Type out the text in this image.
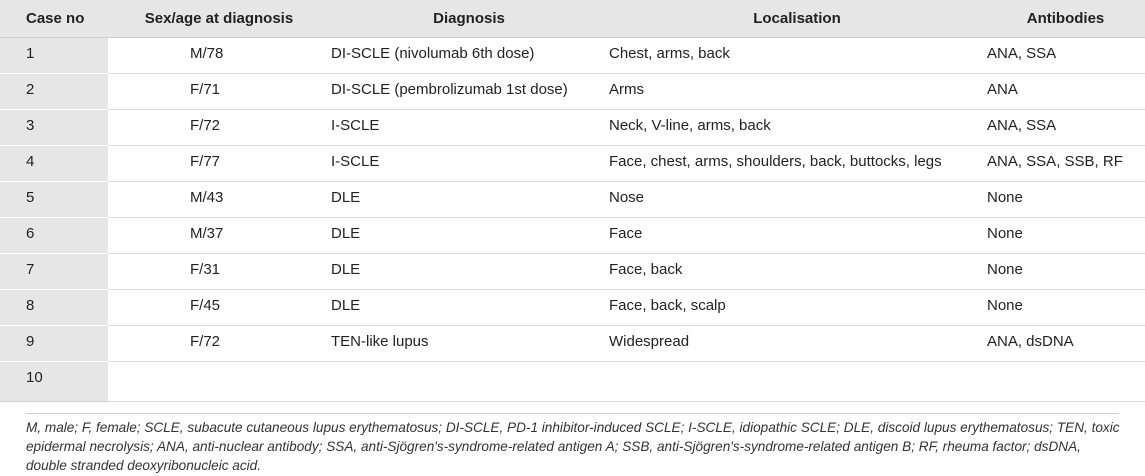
Case no	Sex/age at diagnosis	Diagnosis	Localisation	Antibodies
1	M/78	DI-SCLE (nivolumab 6th dose)	Chest, arms, back	ANA, SSA
2	F/71	DI-SCLE (pembrolizumab 1st dose)	Arms	ANA
3	F/72	I-SCLE	Neck, V-line, arms, back	ANA, SSA
4	F/77	I-SCLE	Face, chest, arms, shoulders, back, buttocks, legs	ANA, SSA, SSB, RF
5	M/43	DLE	Nose	None
6	M/37	DLE	Face	None
7	F/31	DLE	Face, back	None
8	F/45	DLE	Face, back, scalp	None
9	F/72	TEN-like lupus	Widespread	ANA, dsDNA
10				
M, male; F, female; SCLE, subacute cutaneous lupus erythematosus; DI-SCLE, PD-1 inhibitor-induced SCLE; I-SCLE, idiopathic SCLE; DLE, discoid lupus erythematosus; TEN, toxic epidermal necrolysis; ANA, anti-nuclear antibody; SSA, anti-Sjögren's-syndrome-related antigen A; SSB, anti-Sjögren's-syndrome-related antigen B; RF, rheuma factor; dsDNA, double stranded deoxyribonucleic acid.
